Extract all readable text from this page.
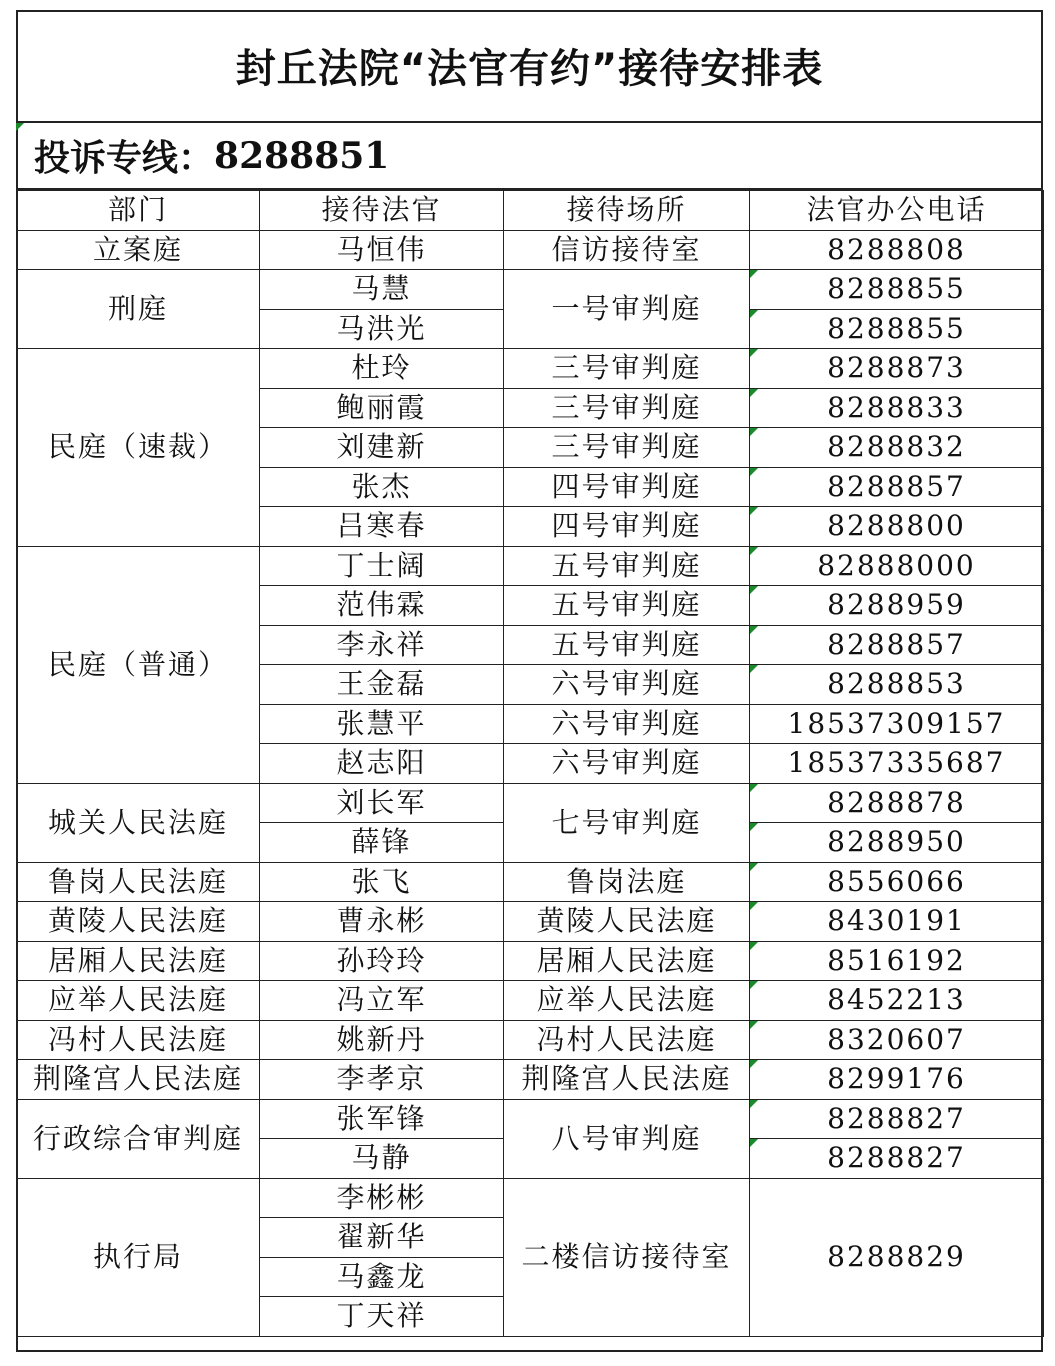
封丘法院“法官有约”接待安排表
投诉专线： 8288851
部门	接待法官	接待场所	法官办公电话
立案庭	马恒伟	信访接待室	8288808
刑庭	马慧	一号审判庭	8288855
	马洪光		8288855
民庭（速裁）	杜玲	三号审判庭	8288873
	鲍丽霞	三号审判庭	8288833
	刘建新	三号审判庭	8288832
	张杰	四号审判庭	8288857
	吕寒春	四号审判庭	8288800
民庭（普通）	丁士阔	五号审判庭	82888000
	范伟霖	五号审判庭	8288959
	李永祥	五号审判庭	8288857
	王金磊	六号审判庭	8288853
	张慧平	六号审判庭	18537309157
	赵志阳	六号审判庭	18537335687
城关人民法庭	刘长军	七号审判庭	8288878
	薛锋		8288950
鲁岗人民法庭	张飞	鲁岗法庭	8556066
黄陵人民法庭	曹永彬	黄陵人民法庭	8430191
居厢人民法庭	孙玲玲	居厢人民法庭	8516192
应举人民法庭	冯立军	应举人民法庭	8452213
冯村人民法庭	姚新丹	冯村人民法庭	8320607
荆隆宫人民法庭	李孝京	荆隆宫人民法庭	8299176
行政综合审判庭	张军锋	八号审判庭	8288827
	马静		8288827
执行局	李彬彬	二楼信访接待室	8288829
	翟新华		
	马鑫龙		
	丁天祥		
